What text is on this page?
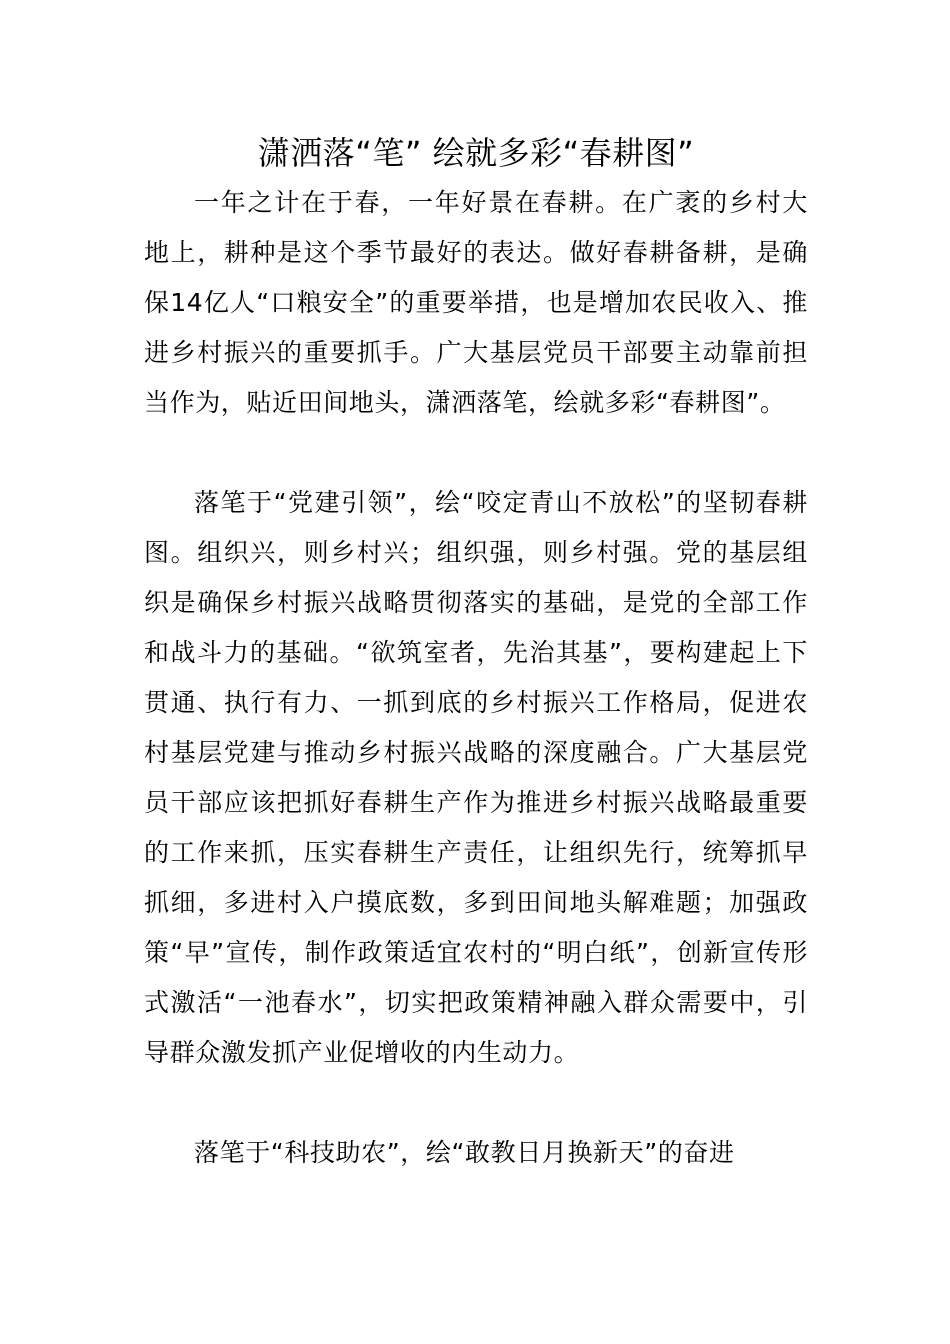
潇洒落“笔” 绘就多彩“春耕图”

一年之计在于春，一年好景在春耕。在广袤的乡村大地上，耕种是这个季节最好的表达。做好春耕备耕，是确保14亿人“口粮安全”的重要举措，也是增加农民收入、推进乡村振兴的重要抓手。广大基层党员干部要主动靠前担当作为，贴近田间地头，潇洒落笔，绘就多彩“春耕图”。

落笔于“党建引领”，绘“咬定青山不放松”的坚韧春耕图。组织兴，则乡村兴；组织强，则乡村强。党的基层组织是确保乡村振兴战略贯彻落实的基础，是党的全部工作和战斗力的基础。“欲筑室者，先治其基”，要构建起上下贯通、执行有力、一抓到底的乡村振兴工作格局，促进农村基层党建与推动乡村振兴战略的深度融合。广大基层党员干部应该把抓好春耕生产作为推进乡村振兴战略最重要的工作来抓，压实春耕生产责任，让组织先行，统筹抓早抓细，多进村入户摸底数，多到田间地头解难题；加强政策“早”宣传，制作政策适宜农村的“明白纸”，创新宣传形式激活“一池春水”，切实把政策精神融入群众需要中，引导群众激发抓产业促增收的内生动力。

落笔于“科技助农”，绘“敢教日月换新天”的奋进
